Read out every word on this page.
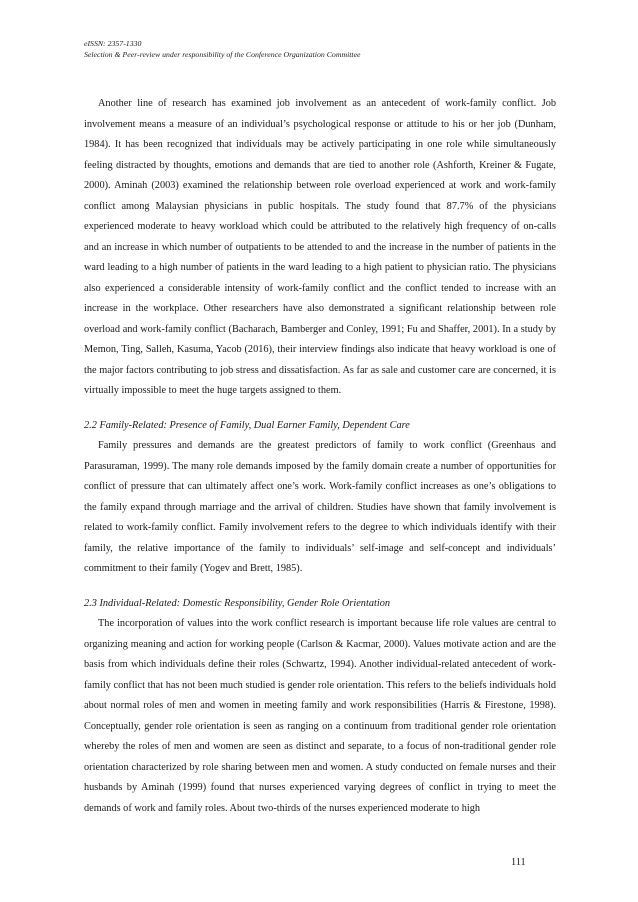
eISSN: 2357-1330
Selection & Peer-review under responsibility of the Conference Organization Committee

Another line of research has examined job involvement as an antecedent of work-family conflict. Job involvement means a measure of an individual’s psychological response or attitude to his or her job (Dunham, 1984). It has been recognized that individuals may be actively participating in one role while simultaneously feeling distracted by thoughts, emotions and demands that are tied to another role (Ashforth, Kreiner & Fugate, 2000). Aminah (2003) examined the relationship between role overload experienced at work and work-family conflict among Malaysian physicians in public hospitals. The study found that 87.7% of the physicians experienced moderate to heavy workload which could be attributed to the relatively high frequency of on-calls and an increase in which number of outpatients to be attended to and the increase in the number of patients in the ward leading to a high number of patients in the ward leading to a high patient to physician ratio. The physicians also experienced a considerable intensity of work-family conflict and the conflict tended to increase with an increase in the workplace. Other researchers have also demonstrated a significant relationship between role overload and work-family conflict (Bacharach, Bamberger and Conley, 1991; Fu and Shaffer, 2001). In a study by Memon, Ting, Salleh, Kasuma, Yacob (2016), their interview findings also indicate that heavy workload is one of the major factors contributing to job stress and dissatisfaction. As far as sale and customer care are concerned, it is virtually impossible to meet the huge targets assigned to them.

2.2 Family-Related: Presence of Family, Dual Earner Family, Dependent Care

Family pressures and demands are the greatest predictors of family to work conflict (Greenhaus and Parasuraman, 1999). The many role demands imposed by the family domain create a number of opportunities for conflict of pressure that can ultimately affect one’s work. Work-family conflict increases as one’s obligations to the family expand through marriage and the arrival of children. Studies have shown that family involvement is related to work-family conflict. Family involvement refers to the degree to which individuals identify with their family, the relative importance of the family to individuals’ self-image and self-concept and individuals’ commitment to their family (Yogev and Brett, 1985).

2.3 Individual-Related: Domestic Responsibility, Gender Role Orientation

The incorporation of values into the work conflict research is important because life role values are central to organizing meaning and action for working people (Carlson & Kacmar, 2000). Values motivate action and are the basis from which individuals define their roles (Schwartz, 1994). Another individual-related antecedent of work-family conflict that has not been much studied is gender role orientation. This refers to the beliefs individuals hold about normal roles of men and women in meeting family and work responsibilities (Harris & Firestone, 1998). Conceptually, gender role orientation is seen as ranging on a continuum from traditional gender role orientation whereby the roles of men and women are seen as distinct and separate, to a focus of non-traditional gender role orientation characterized by role sharing between men and women. A study conducted on female nurses and their husbands by Aminah (1999) found that nurses experienced varying degrees of conflict in trying to meet the demands of work and family roles. About two-thirds of the nurses experienced moderate to high

111
